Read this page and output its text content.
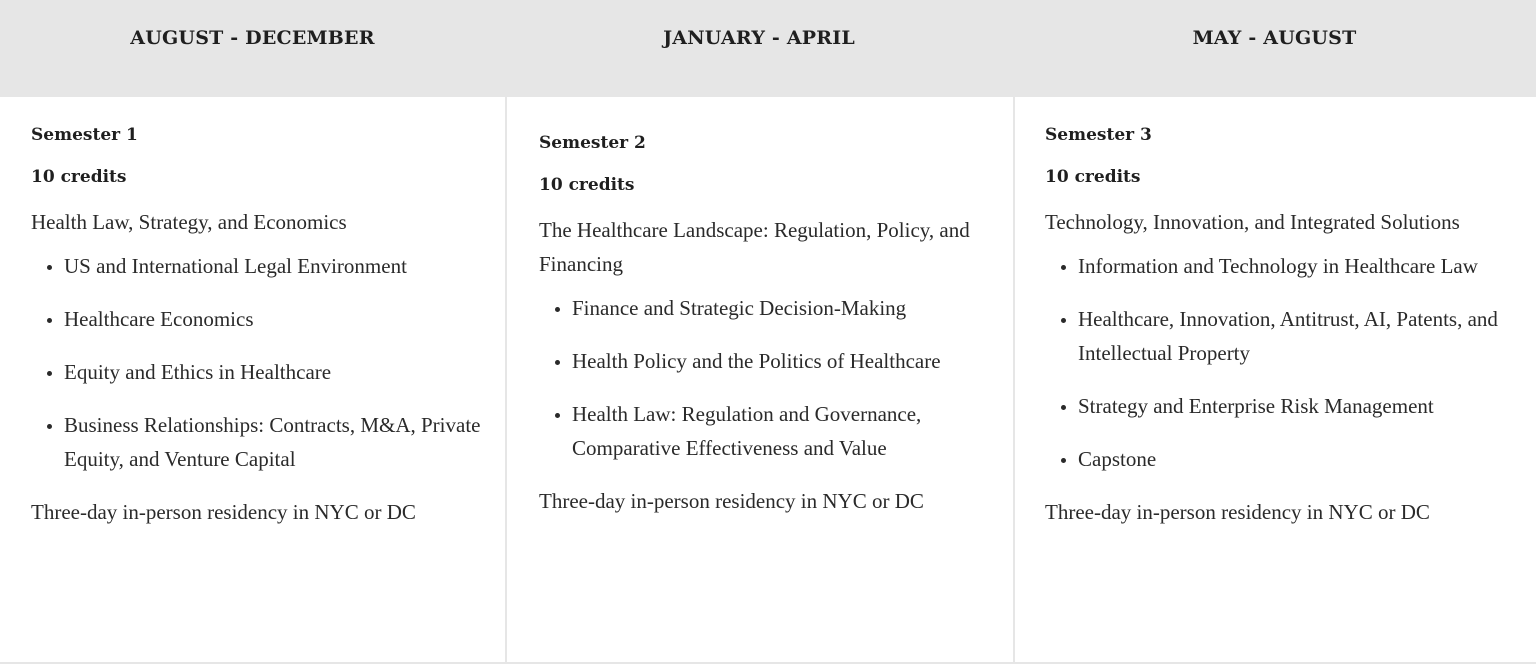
AUGUST - DECEMBER	JANUARY - APRIL	MAY - AUGUST

Semester 1

10 credits

Health Law, Strategy, and Economics

• US and International Legal Environment
• Healthcare Economics
• Equity and Ethics in Healthcare
• Business Relationships: Contracts, M&A, Private Equity, and Venture Capital

Three-day in-person residency in NYC or DC

Semester 2

10 credits

The Healthcare Landscape: Regulation, Policy, and Financing

• Finance and Strategic Decision-Making
• Health Policy and the Politics of Healthcare
• Health Law: Regulation and Governance, Comparative Effectiveness and Value

Three-day in-person residency in NYC or DC

Semester 3

10 credits

Technology, Innovation, and Integrated Solutions

• Information and Technology in Healthcare Law
• Healthcare, Innovation, Antitrust, AI, Patents, and Intellectual Property
• Strategy and Enterprise Risk Management
• Capstone

Three-day in-person residency in NYC or DC
